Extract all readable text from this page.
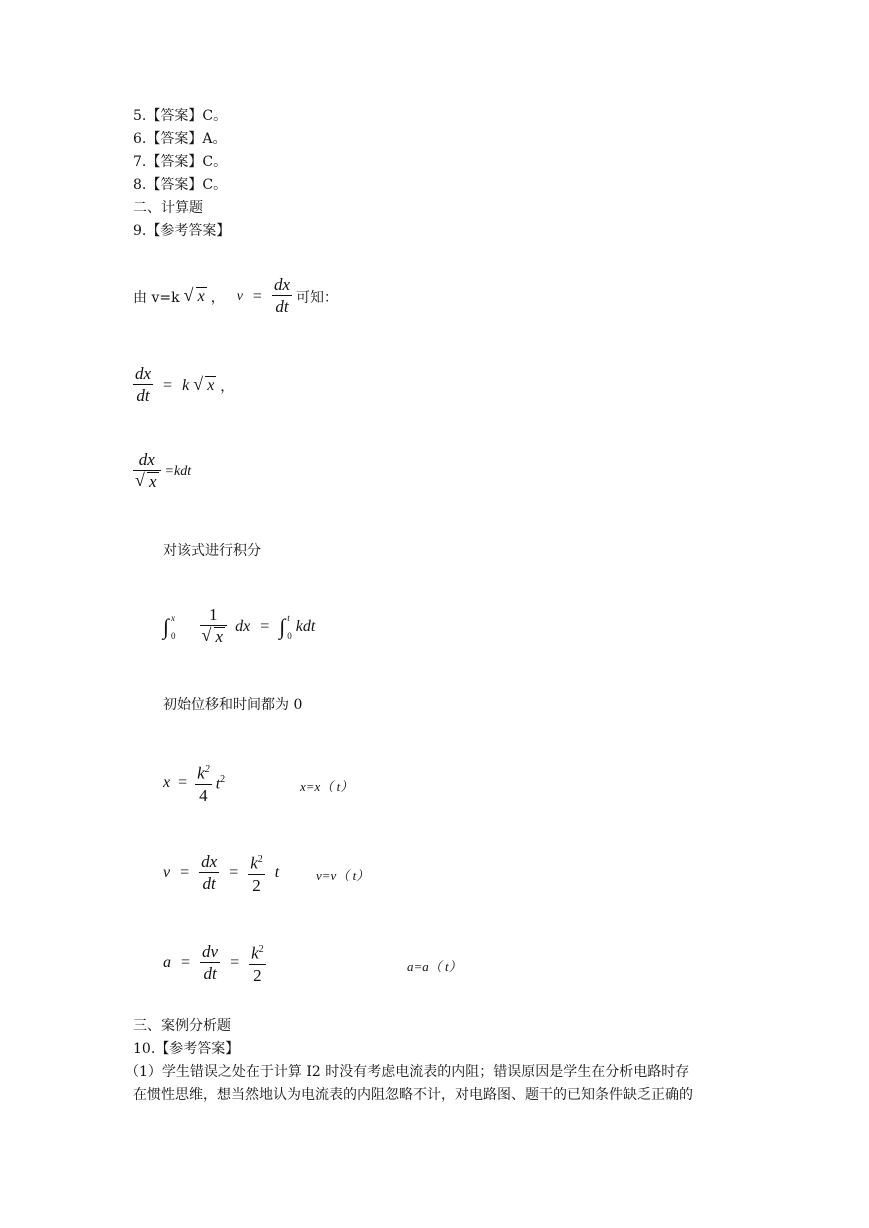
5.【答案】C。
6.【答案】A。
7.【答案】C。
8.【答案】C。
二、计算题
9.【参考答案】
由 v=k √ x ， $v = \frac{dx}{dt}$ 可知：
$\frac{dx}{dt} = k$ √ x ，
$\frac{dx}{√ x} =kdt$
对该式进行积分
∫ x
0
$\frac{1}{√ x}$ dx = ∫ t
0
kdt
初始位移和时间都为 0
$x = \frac{k^2}{4} t^2$	x=x（ t）
$v = \frac{dx}{dt} = \frac{k^2}{2}$ t	v=v（ t）
$a = \frac{dv}{dt} = \frac{k^2}{2}$	a=a（ t）
三、案例分析题
10.【参考答案】
（1）学生错误之处在于计算 I2 时没有考虑电流表的内阻；错误原因是学生在分析电路时存
在惯性思维，想当然地认为电流表的内阻忽略不计，对电路图、题干的已知条件缺乏正确的
